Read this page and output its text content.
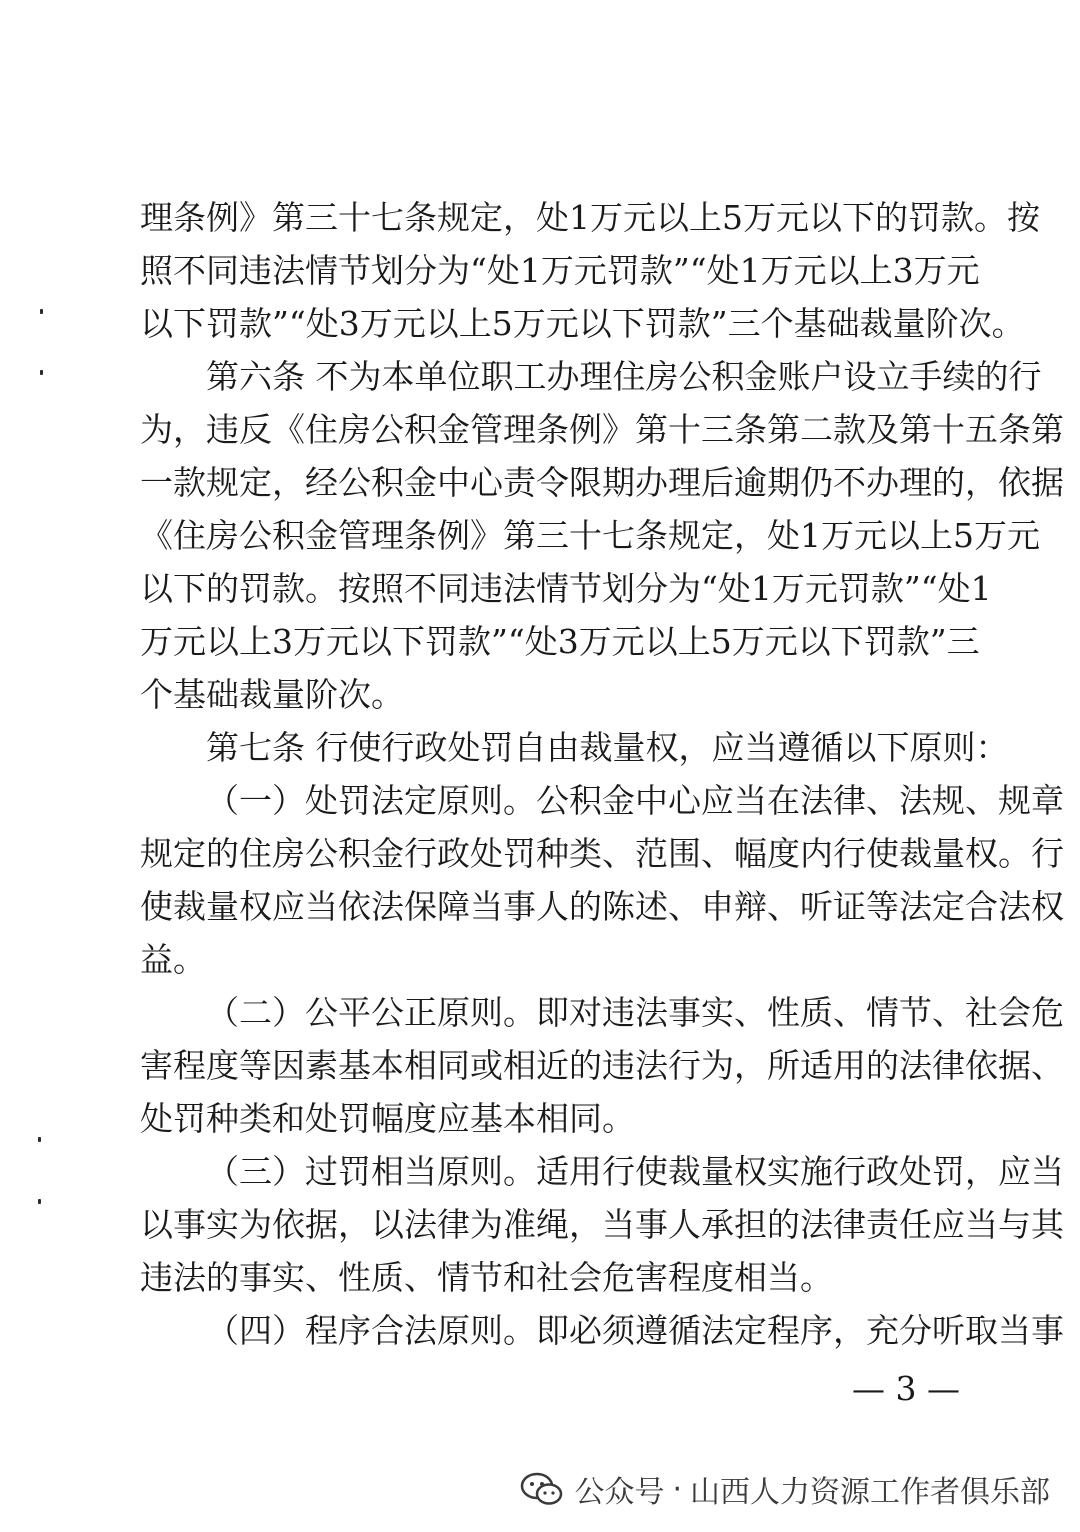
理条例》第三十七条规定，处1万元以上5万元以下的罚款。按
照不同违法情节划分为“处1万元罚款”“处1万元以上3万元
以下罚款”“处3万元以上5万元以下罚款”三个基础裁量阶次。
第六条 不为本单位职工办理住房公积金账户设立手续的行
为，违反《住房公积金管理条例》第十三条第二款及第十五条第
一款规定，经公积金中心责令限期办理后逾期仍不办理的，依据
《住房公积金管理条例》第三十七条规定，处1万元以上5万元
以下的罚款。按照不同违法情节划分为“处1万元罚款”“处1
万元以上3万元以下罚款”“处3万元以上5万元以下罚款”三
个基础裁量阶次。
第七条 行使行政处罚自由裁量权，应当遵循以下原则：
（一）处罚法定原则。公积金中心应当在法律、法规、规章
规定的住房公积金行政处罚种类、范围、幅度内行使裁量权。行
使裁量权应当依法保障当事人的陈述、申辩、听证等法定合法权
益。
（二）公平公正原则。即对违法事实、性质、情节、社会危
害程度等因素基本相同或相近的违法行为，所适用的法律依据、
处罚种类和处罚幅度应基本相同。
（三）过罚相当原则。适用行使裁量权实施行政处罚，应当
以事实为依据，以法律为准绳，当事人承担的法律责任应当与其
违法的事实、性质、情节和社会危害程度相当。
（四）程序合法原则。即必须遵循法定程序，充分听取当事
— 3 —
公众号 · 山西人力资源工作者俱乐部
